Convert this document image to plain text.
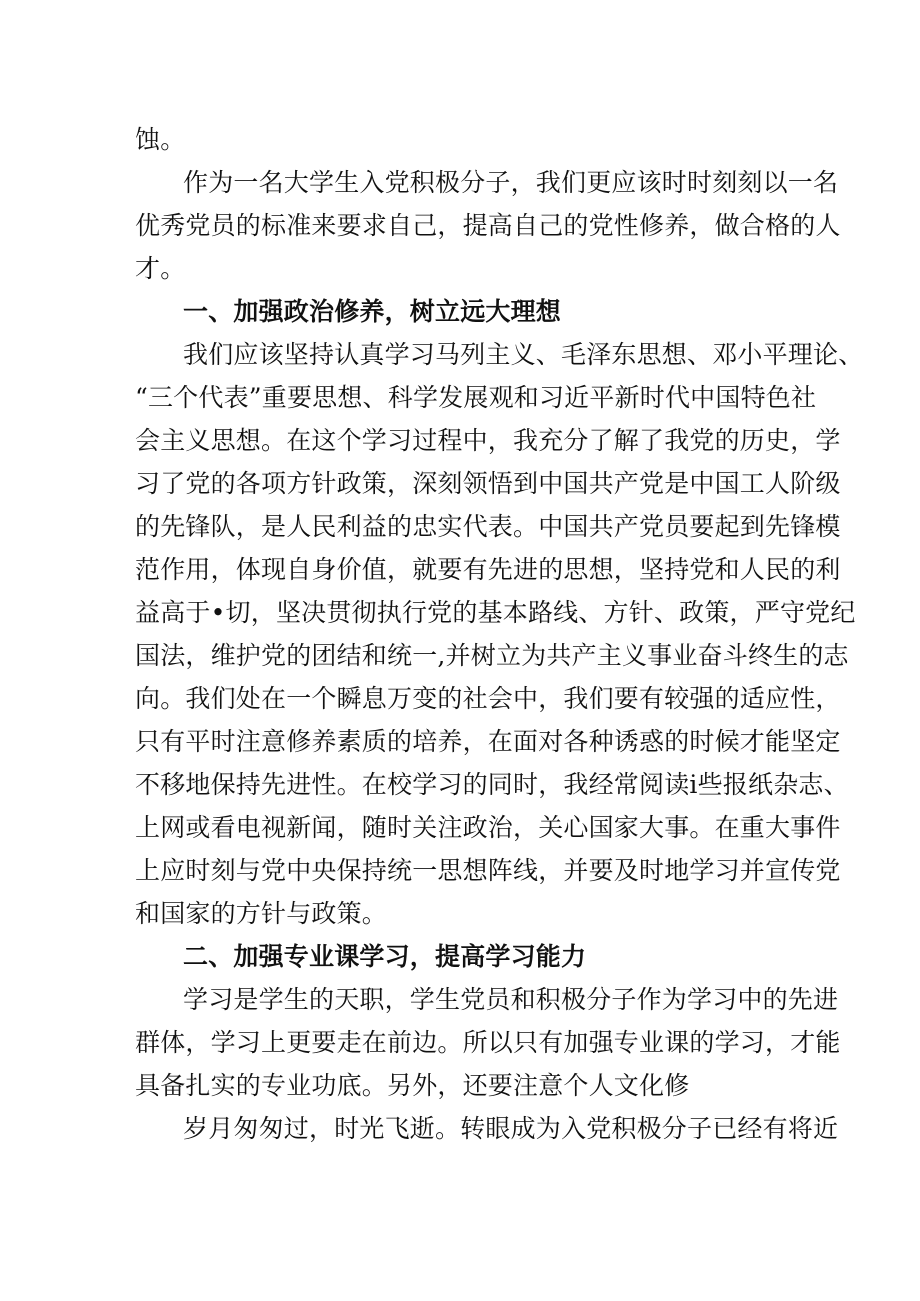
蚀。
作为一名大学生入党积极分子，我们更应该时时刻刻以一名
优秀党员的标准来要求自己，提高自己的党性修养，做合格的人
才。
一、加强政治修养，树立远大理想
我们应该坚持认真学习马列主义、毛泽东思想、邓小平理论、
“三个代表”重要思想、科学发展观和习近平新时代中国特色社
会主义思想。在这个学习过程中，我充分了解了我党的历史，学
习了党的各项方针政策，深刻领悟到中国共产党是中国工人阶级
的先锋队，是人民利益的忠实代表。中国共产党员要起到先锋模
范作用，体现自身价值，就要有先进的思想，坚持党和人民的利
益高于•切，坚决贯彻执行党的基本路线、方针、政策，严守党纪
国法，维护党的团结和统一,并树立为共产主义事业奋斗终生的志
向。我们处在一个瞬息万变的社会中，我们要有较强的适应性，
只有平时注意修养素质的培养，在面对各种诱惑的时候才能坚定
不移地保持先进性。在校学习的同时，我经常阅读i些报纸杂志、
上网或看电视新闻，随时关注政治，关心国家大事。在重大事件
上应时刻与党中央保持统一思想阵线，并要及时地学习并宣传党
和国家的方针与政策。
二、加强专业课学习，提高学习能力
学习是学生的天职，学生党员和积极分子作为学习中的先进
群体，学习上更要走在前边。所以只有加强专业课的学习，才能
具备扎实的专业功底。另外，还要注意个人文化修
岁月匆匆过，时光飞逝。转眼成为入党积极分子已经有将近
